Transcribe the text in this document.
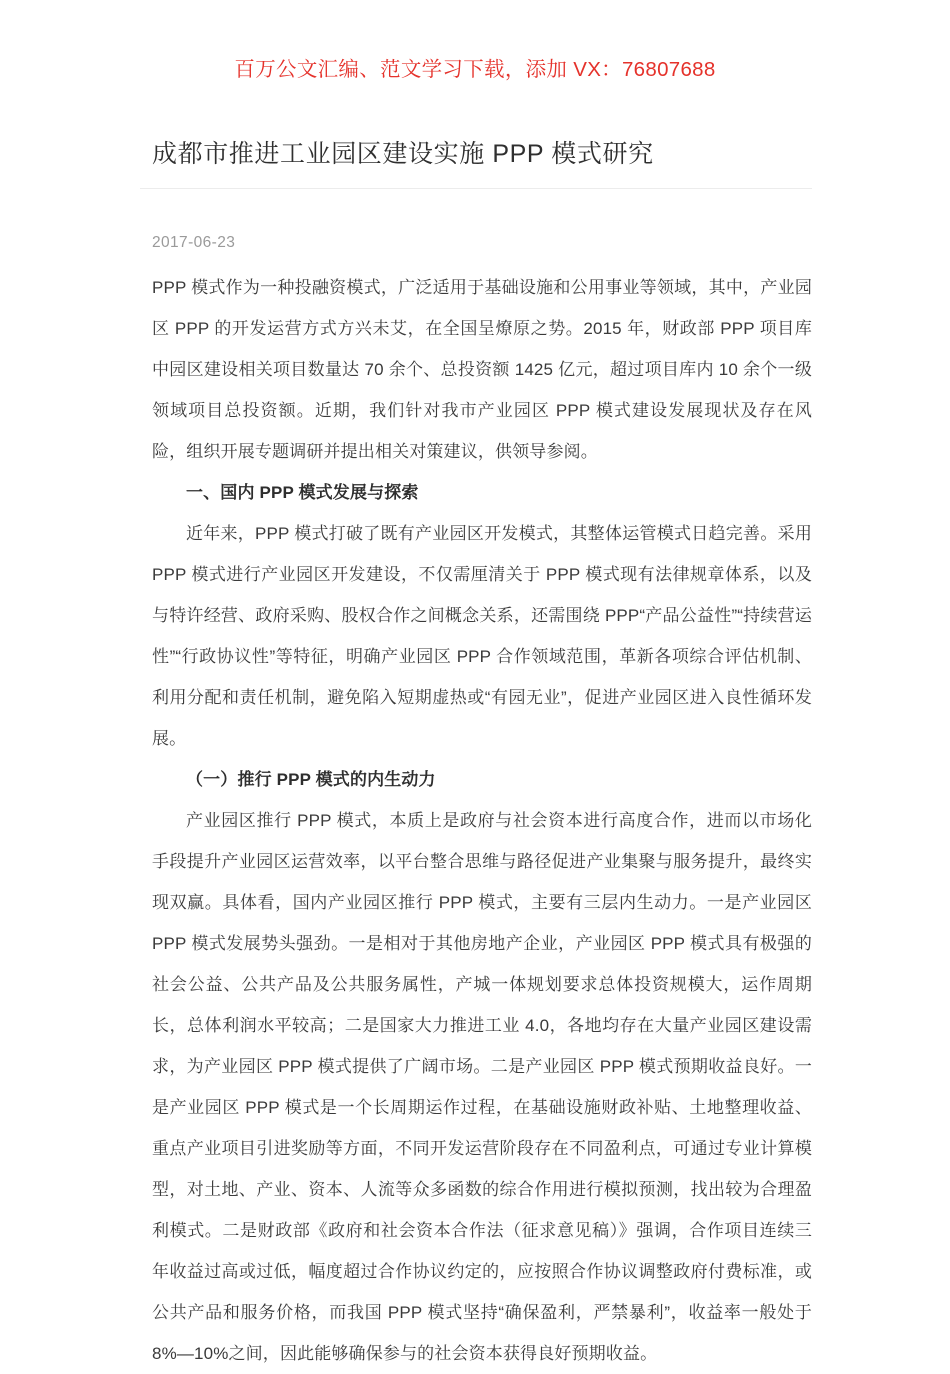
百万公文汇编、范文学习下载，添加 VX：76807688
成都市推进工业园区建设实施 PPP 模式研究
2017-06-23

PPP 模式作为一种投融资模式，广泛适用于基础设施和公用事业等领域，其中，产业园区 PPP 的开发运营方式方兴未艾，在全国呈燎原之势。2015 年，财政部 PPP 项目库中园区建设相关项目数量达 70 余个、总投资额 1425 亿元，超过项目库内 10 余个一级领域项目总投资额。近期，我们针对我市产业园区 PPP 模式建设发展现状及存在风险，组织开展专题调研并提出相关对策建议，供领导参阅。

一、国内 PPP 模式发展与探索

近年来，PPP 模式打破了既有产业园区开发模式，其整体运管模式日趋完善。采用 PPP 模式进行产业园区开发建设，不仅需厘清关于 PPP 模式现有法律规章体系，以及与特许经营、政府采购、股权合作之间概念关系，还需围绕 PPP“产品公益性”“持续营运性”“行政协议性”等特征，明确产业园区 PPP 合作领域范围，革新各项综合评估机制、利用分配和责任机制，避免陷入短期虚热或“有园无业”，促进产业园区进入良性循环发展。

（一）推行 PPP 模式的内生动力

产业园区推行 PPP 模式，本质上是政府与社会资本进行高度合作，进而以市场化手段提升产业园区运营效率，以平台整合思维与路径促进产业集聚与服务提升，最终实现双赢。具体看，国内产业园区推行 PPP 模式，主要有三层内生动力。一是产业园区 PPP 模式发展势头强劲。一是相对于其他房地产企业，产业园区 PPP 模式具有极强的社会公益、公共产品及公共服务属性，产城一体规划要求总体投资规模大，运作周期长，总体利润水平较高；二是国家大力推进工业 4.0，各地均存在大量产业园区建设需求，为产业园区 PPP 模式提供了广阔市场。二是产业园区 PPP 模式预期收益良好。一是产业园区 PPP 模式是一个长周期运作过程，在基础设施财政补贴、土地整理收益、重点产业项目引进奖励等方面，不同开发运营阶段存在不同盈利点，可通过专业计算模型，对土地、产业、资本、人流等众多函数的综合作用进行模拟预测，找出较为合理盈利模式。二是财政部《政府和社会资本合作法（征求意见稿）》强调，合作项目连续三年收益过高或过低，幅度超过合作协议约定的，应按照合作协议调整政府付费标准，或公共产品和服务价格，而我国 PPP 模式坚持“确保盈利，严禁暴利”，收益率一般处于 8%—10%之间，因此能够确保参与的社会资本获得良好预期收益。
